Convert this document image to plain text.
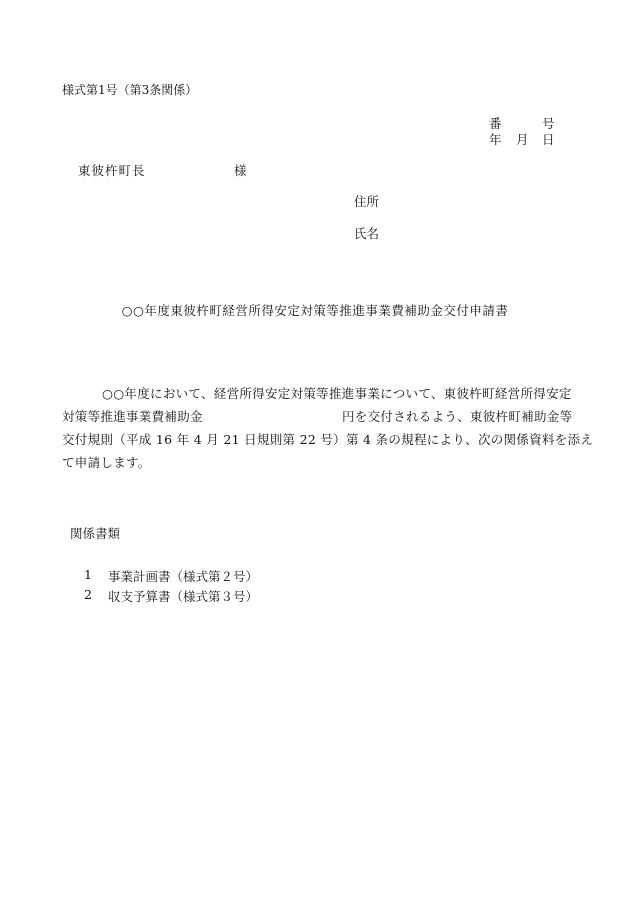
様式第1号（第3条関係）
番	号
年 月 日
東彼杵町長	様
住所
氏名
○○年度東彼杵町経営所得安定対策等推進事業費補助金交付申請書
○○年度において、経営所得安定対策等推進事業について、東彼杵町経営所得安定
対策等推進事業費補助金	円を交付されるよう、東彼杵町補助金等
交付規則（平成 16 年 4 月 21 日規則第 22 号）第 4 条の規程により、次の関係資料を添え
て申請します。
関係書類
1 事業計画書（様式第２号）
2 収支予算書（様式第３号）
